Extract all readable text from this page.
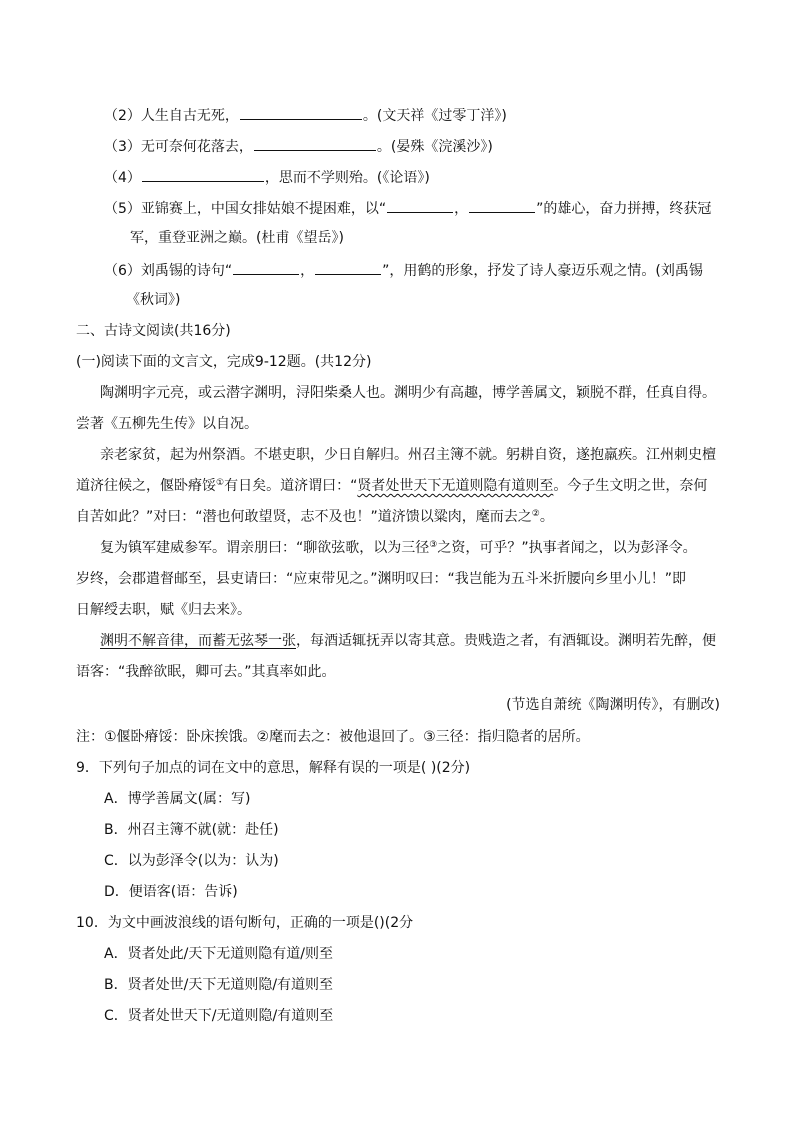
（2）人生自古无死，	。(文天祥《过零丁洋》)
（3）无可奈何花落去，	。(晏殊《浣溪沙》)
（4）	，思而不学则殆。(《论语》)
（5）亚锦赛上，中国女排姑娘不提困难，以“	，	”的雄心，奋力拼搏，终获冠
军，重登亚洲之巅。(杜甫《望岳》)
（6）刘禹锡的诗句“	，	”，用鹤的形象，抒发了诗人豪迈乐观之情。(刘禹锡
《秋词》)
二、古诗文阅读(共16分)
(一)阅读下面的文言文，完成9-12题。(共12分)
陶渊明字元亮，或云潜字渊明，浔阳柴桑人也。渊明少有高趣，博学善属文，颖脱不群，任真自得。
尝著《五柳先生传》以自况。
亲老家贫，起为州祭酒。不堪吏职，少日自解归。州召主簿不就。躬耕自资，遂抱羸疾。江州刺史檀
道济往候之，偃卧瘠馁①有日矣。道济谓曰：“贤者处世天下无道则隐有道则至。今子生文明之世，奈何
自苦如此？”对曰：“潜也何敢望贤，志不及也！”道济馈以粱肉，麾而去之②。
复为镇军建威参军。谓亲朋曰：“聊欲弦歌，以为三径③之资，可乎？”执事者闻之，以为彭泽令。
岁终，会郡遣督邮至，县吏请曰：“应束带见之。”渊明叹曰：“我岂能为五斗米折腰向乡里小儿！”即
日解绶去职，赋《归去来》。
渊明不解音律，而蓄无弦琴一张，每酒适辄抚弄以寄其意。贵贱造之者，有酒辄设。渊明若先醉，便
语客：“我醉欲眠，卿可去。”其真率如此。
(节选自萧统《陶渊明传》，有删改)
注：①偃卧瘠馁：卧床挨饿。②麾而去之：被他退回了。③三径：指归隐者的居所。
9．下列句子加点的词在文中的意思，解释有误的一项是( )(2分)
A．博学善属文(属：写)
B．州召主簿不就(就：赴任)
C．以为彭泽令(以为：认为)
D．便语客(语：告诉)
10．为文中画波浪线的语句断句，正确的一项是()(2分
A．贤者处此/天下无道则隐有道/则至
B．贤者处世/天下无道则隐/有道则至
C．贤者处世天下/无道则隐/有道则至
